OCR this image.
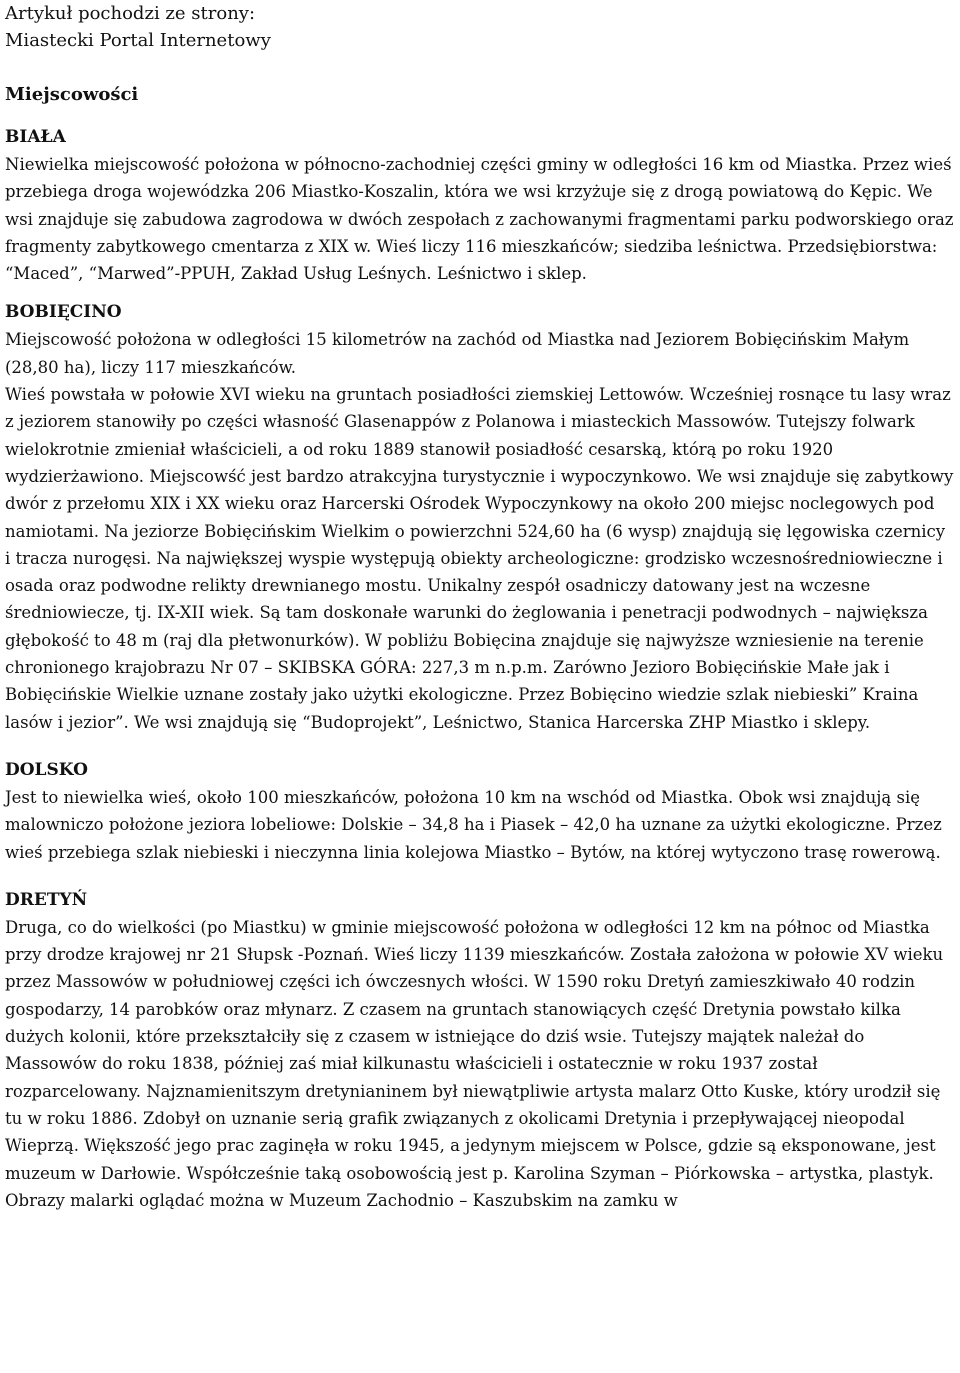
Artykuł pochodzi ze strony:

Miastecki Portal Internetowy

Miejscowości

BIAŁA

Niewielka miejscowość położona w północno-zachodniej części gminy w odległości 16 km od Miastka. Przez wieś przebiega droga wojewódzka 206 Miastko-Koszalin, która we wsi krzyżuje się z drogą powiatową do Kępic. We wsi znajduje się zabudowa zagrodowa w dwóch zespołach z zachowanymi fragmentami parku podworskiego oraz fragmenty zabytkowego cmentarza z XIX w. Wieś liczy 116 mieszkańców; siedziba leśnictwa. Przedsiębiorstwa: “Maced”, “Marwed”-PPUH, Zakład Usług Leśnych. Leśnictwo i sklep.

BOBIĘCINO

Miejscowość położona w odległości 15 kilometrów na zachód od Miastka nad Jeziorem Bobięcińskim Małym (28,80 ha), liczy 117 mieszkańców.

Wieś powstała w połowie XVI wieku na gruntach posiadłości ziemskiej Lettowów. Wcześniej rosnące tu lasy wraz z jeziorem stanowiły po części własność Glasenappów z Polanowa i miasteckich Massowów. Tutejszy folwark wielokrotnie zmieniał właścicieli, a od roku 1889 stanowił posiadłość cesarską, którą po roku 1920 wydzierżawiono. Miejscowść jest bardzo atrakcyjna turystycznie i wypoczynkowo. We wsi znajduje się zabytkowy dwór z przełomu XIX i XX wieku oraz Harcerski Ośrodek Wypoczynkowy na około 200 miejsc noclegowych pod namiotami. Na jeziorze Bobięcińskim Wielkim o powierzchni 524,60 ha (6 wysp) znajdują się lęgowiska czernicy i tracza nurogęsi. Na największej wyspie występują obiekty archeologiczne: grodzisko wczesnośredniowieczne i osada oraz podwodne relikty drewnianego mostu. Unikalny zespół osadniczy datowany jest na wczesne średniowiecze, tj. IX-XII wiek. Są tam doskonałe warunki do żeglowania i penetracji podwodnych – największa głębokość to 48 m (raj dla płetwonurków). W pobliżu Bobięcina znajduje się najwyższe wzniesienie na terenie chronionego krajobrazu Nr 07 – SKIBSKA GÓRA: 227,3 m n.p.m. Zarówno Jezioro Bobięcińskie Małe jak i Bobięcińskie Wielkie uznane zostały jako użytki ekologiczne. Przez Bobięcino wiedzie szlak niebieski” Kraina lasów i jezior”. We wsi znajdują się “Budoprojekt”, Leśnictwo, Stanica Harcerska ZHP Miastko i sklepy.

DOLSKO

Jest to niewielka wieś, około 100 mieszkańców, położona 10 km na wschód od Miastka. Obok wsi znajdują się malowniczo położone jeziora lobeliowe: Dolskie – 34,8 ha i Piasek – 42,0 ha uznane za użytki ekologiczne. Przez wieś przebiega szlak niebieski i nieczynna linia kolejowa Miastko – Bytów, na której wytyczono trasę rowerową.

DRETYŃ

Druga, co do wielkości (po Miastku) w gminie miejscowość położona w odległości 12 km na północ od Miastka przy drodze krajowej nr 21 Słupsk -Poznań. Wieś liczy 1139 mieszkańców. Została założona w połowie XV wieku przez Massowów w południowej części ich ówczesnych włości. W 1590 roku Dretyń zamieszkiwało 40 rodzin gospodarzy, 14 parobków oraz młynarz. Z czasem na gruntach stanowiących część Dretynia powstało kilka dużych kolonii, które przekształciły się z czasem w istniejące do dziś wsie. Tutejszy majątek należał do Massowów do roku 1838, później zaś miał kilkunastu właścicieli i ostatecznie w roku 1937 został rozparcelowany. Najznamienitszym dretynianinem był niewątpliwie artysta malarz Otto Kuske, który urodził się tu w roku 1886. Zdobył on uznanie serią grafik związanych z okolicami Dretynia i przepływającej nieopodal Wieprzą. Większość jego prac zaginęła w roku 1945, a jedynym miejscem w Polsce, gdzie są eksponowane, jest muzeum w Darłowie. Współcześnie taką osobowością jest p. Karolina Szyman – Piórkowska – artystka, plastyk. Obrazy malarki oglądać można w Muzeum Zachodnio – Kaszubskim na zamku w
